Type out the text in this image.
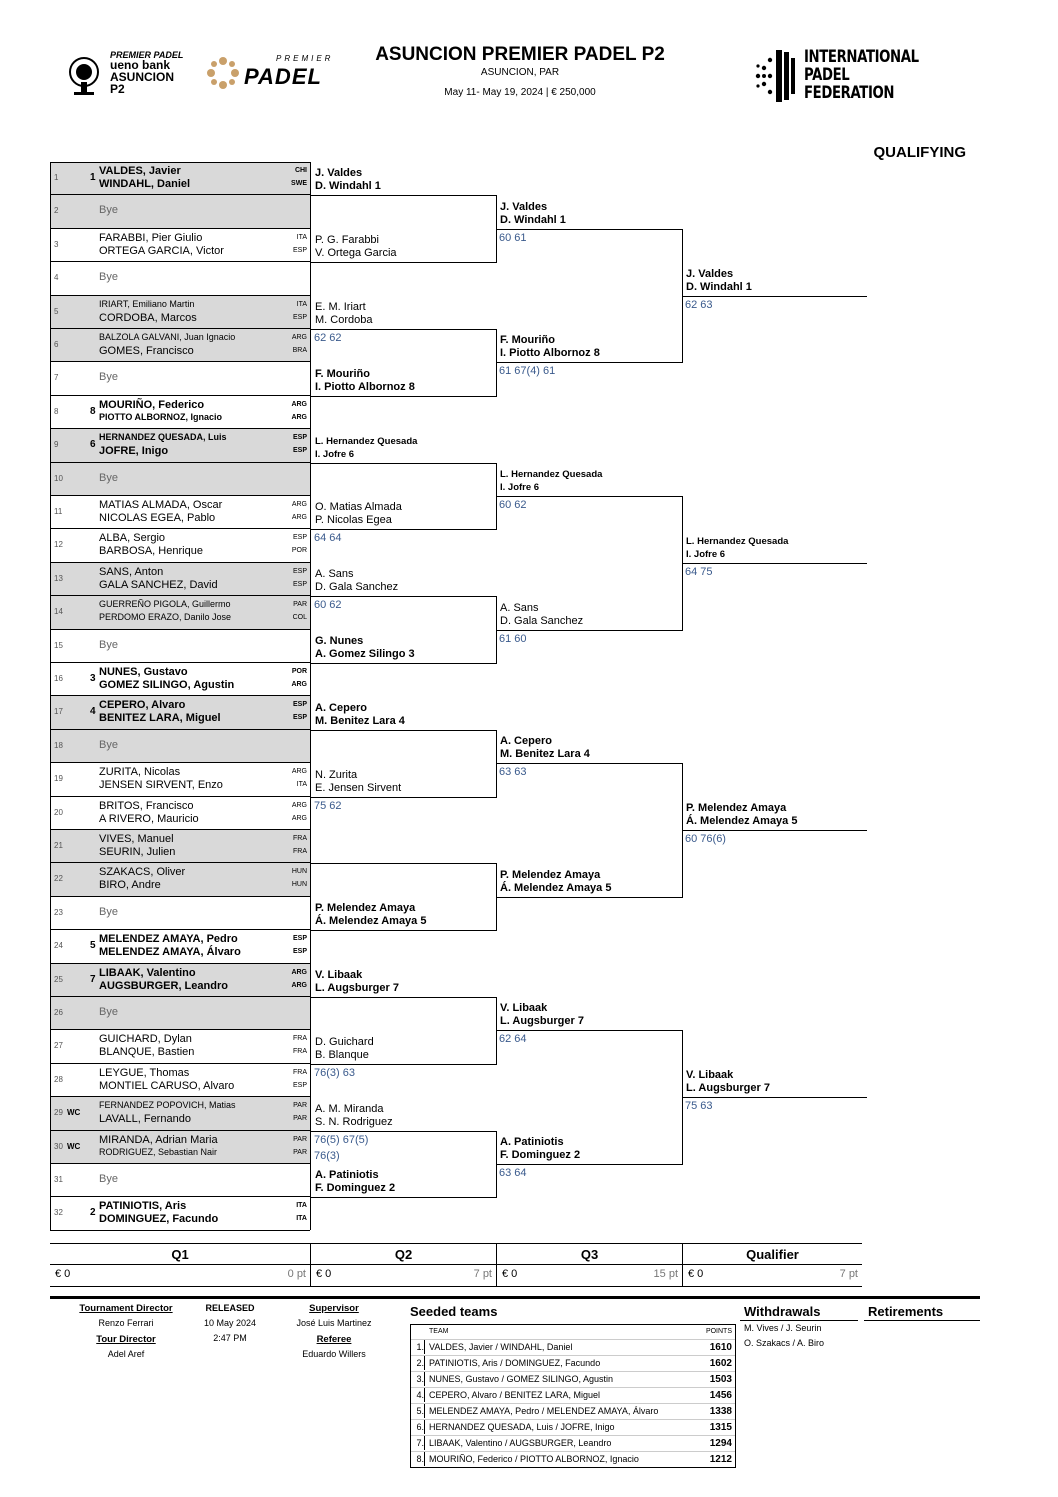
PREMIER PADEL
ueno bank
ASUNCION
P2
PREMIER
PADEL
INTERNATIONAL
PADEL
FEDERATION
ASUNCION PREMIER PADEL P2
ASUNCION, PAR
May 11- May 19, 2024 | € 250,000
QUALIFYING
1	1
VALDES, Javier
WINDAHL, Daniel
CHI
SWE
2	Bye
3
FARABBI, Pier Giulio
ORTEGA GARCIA, Victor
ITA
ESP
4	Bye
5
IRIART, Emiliano Martin
CORDOBA, Marcos
ITA
ESP
6
BALZOLA GALVANI, Juan Ignacio
GOMES, Francisco
ARG
BRA
7	Bye
8	8
MOURIÑO, Federico
PIOTTO ALBORNOZ, Ignacio
ARG
ARG
9	6
HERNANDEZ QUESADA, Luis
JOFRE, Inigo
ESP
ESP
10	Bye
11
MATIAS ALMADA, Oscar
NICOLAS EGEA, Pablo
ARG
ARG
12
ALBA, Sergio
BARBOSA, Henrique
ESP
POR
13
SANS, Anton
GALA SANCHEZ, David
ESP
ESP
14
GUERREÑO PIGOLA, Guillermo
PERDOMO ERAZO, Danilo Jose
PAR
COL
15	Bye
16	3
NUNES, Gustavo
GOMEZ SILINGO, Agustin
POR
ARG
17	4
CEPERO, Alvaro
BENITEZ LARA, Miguel
ESP
ESP
18	Bye
19
ZURITA, Nicolas
JENSEN SIRVENT, Enzo
ARG
ITA
20
BRITOS, Francisco
A RIVERO, Mauricio
ARG
ARG
21
VIVES, Manuel
SEURIN, Julien
FRA
FRA
22
SZAKACS, Oliver
BIRO, Andre
HUN
HUN
23	Bye
24	5
MELENDEZ AMAYA, Pedro
MELENDEZ AMAYA, Álvaro
ESP
ESP
25	7
LIBAAK, Valentino
AUGSBURGER, Leandro
ARG
ARG
26	Bye
27
GUICHARD, Dylan
BLANQUE, Bastien
FRA
FRA
28
LEYGUE, Thomas
MONTIEL CARUSO, Alvaro
FRA
ESP
29 WC
FERNANDEZ POPOVICH, Matias
LAVALL, Fernando
PAR
PAR
30 WC
MIRANDA, Adrian Maria
RODRIGUEZ, Sebastian Nair
PAR
PAR
31	Bye
32	2
PATINIOTIS, Aris
DOMINGUEZ, Facundo
ITA
ITA
J. Valdes
D. Windahl 1
P. G. Farabbi
V. Ortega Garcia
E. M. Iriart
M. Cordoba
62 62
F. Mouriño
I. Piotto Albornoz 8
L. Hernandez Quesada
I. Jofre 6
O. Matias Almada
P. Nicolas Egea
64 64
A. Sans
D. Gala Sanchez
60 62
G. Nunes
A. Gomez Silingo 3
A. Cepero
M. Benitez Lara 4
N. Zurita
E. Jensen Sirvent
75 62
P. Melendez Amaya
Á. Melendez Amaya 5
V. Libaak
L. Augsburger 7
D. Guichard
B. Blanque
76(3) 63
A. M. Miranda
S. N. Rodriguez
76(5) 67(5)
76(3)
A. Patiniotis
F. Dominguez 2
J. Valdes
D. Windahl 1
60 61
F. Mouriño
I. Piotto Albornoz 8
61 67(4) 61
L. Hernandez Quesada
I. Jofre 6
60 62
A. Sans
D. Gala Sanchez
61 60
A. Cepero
M. Benitez Lara 4
63 63
P. Melendez Amaya
Á. Melendez Amaya 5
V. Libaak
L. Augsburger 7
62 64
A. Patiniotis
F. Dominguez 2
63 64
J. Valdes
D. Windahl 1
62 63
L. Hernandez Quesada
I. Jofre 6
64 75
P. Melendez Amaya
Á. Melendez Amaya 5
60 76(6)
V. Libaak
L. Augsburger 7
75 63
Q1
€ 0	0 pt
Q2
€ 0	7 pt
Q3
€ 0	15 pt
Qualifier
€ 0	7 pt
Tournament Director
Renzo Ferrari
Tour Director
Adel Aref
RELEASED
10 May 2024
2:47 PM
Supervisor
José Luis Martinez
Referee
Eduardo Willers
Seeded teams
TEAM	POINTS
1. VALDES, Javier / WINDAHL, Daniel	1610
2. PATINIOTIS, Aris / DOMINGUEZ, Facundo	1602
3. NUNES, Gustavo / GOMEZ SILINGO, Agustin	1503
4. CEPERO, Alvaro / BENITEZ LARA, Miguel	1456
5. MELENDEZ AMAYA, Pedro / MELENDEZ AMAYA, Álvaro	1338
6. HERNANDEZ QUESADA, Luis / JOFRE, Inigo	1315
7. LIBAAK, Valentino / AUGSBURGER, Leandro	1294
8. MOURIÑO, Federico / PIOTTO ALBORNOZ, Ignacio	1212
Withdrawals
M. Vives / J. Seurin
O. Szakacs / A. Biro
Retirements
